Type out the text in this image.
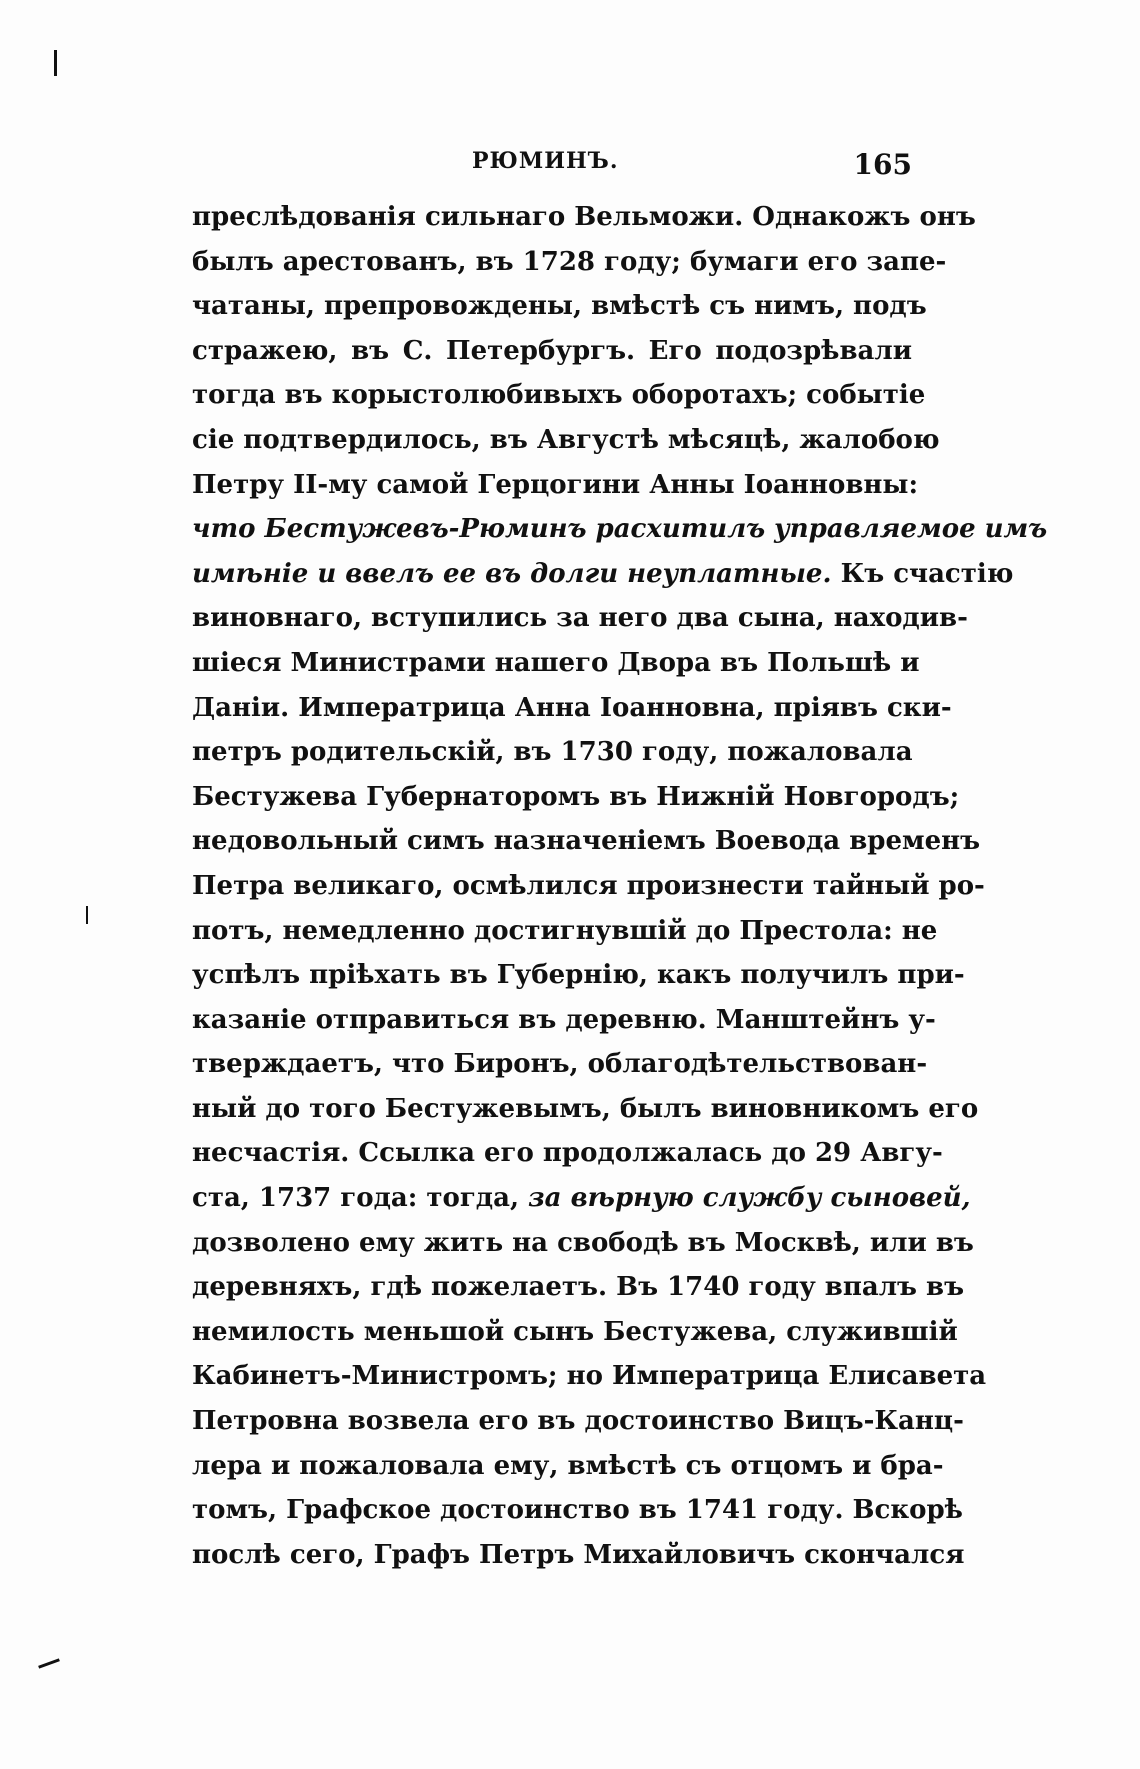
РЮМИНЪ.	165
преслѣдованія сильнаго Вельможи. Однакожъ онъ
былъ арестованъ, въ 1728 году; бумаги его запе-
чатаны, препровождены, вмѣстѣ съ нимъ, подъ
стражею, въ С. Петербургъ. Его подозрѣвали
тогда въ корыстолюбивыхъ оборотахъ; событіе
сіе подтвердилось, въ Августѣ мѣсяцѣ, жалобою
Петру II-му самой Герцогини Анны Іоанновны:
что Бестужевъ-Рюминъ расхитилъ управляемое имъ
имѣніе и ввелъ ее въ долги неуплатные. Къ счастію
виновнаго, вступились за него два сына, находив-
шіеся Министрами нашего Двора въ Польшѣ и
Даніи. Императрица Анна Іоанновна, пріявъ ски-
петръ родительскій, въ 1730 году, пожаловала
Бестужева Губернаторомъ въ Нижній Новгородъ;
недовольный симъ назначеніемъ Воевода временъ
Петра великаго, осмѣлился произнести тайный ро-
потъ, немедленно достигнувшій до Престола: не
успѣлъ пріѣхать въ Губернію, какъ получилъ при-
казаніе отправиться въ деревню. Манштейнъ у-
тверждаетъ, что Биронъ, облагодѣтельствован-
ный до того Бестужевымъ, былъ виновникомъ его
несчастія. Ссылка его продолжалась до 29 Авгу-
ста, 1737 года: тогда, за вѣрную службу сыновей,
дозволено ему жить на свободѣ въ Москвѣ, или въ
деревняхъ, гдѣ пожелаетъ. Въ 1740 году впалъ въ
немилость меньшой сынъ Бестужева, служившій
Кабинетъ-Министромъ; но Императрица Елисавета
Петровна возвела его въ достоинство Вицъ-Канц-
лера и пожаловала ему, вмѣстѣ съ отцомъ и бра-
томъ, Графское достоинство въ 1741 году. Вскорѣ
послѣ сего, Графъ Петръ Михайловичъ скончался
